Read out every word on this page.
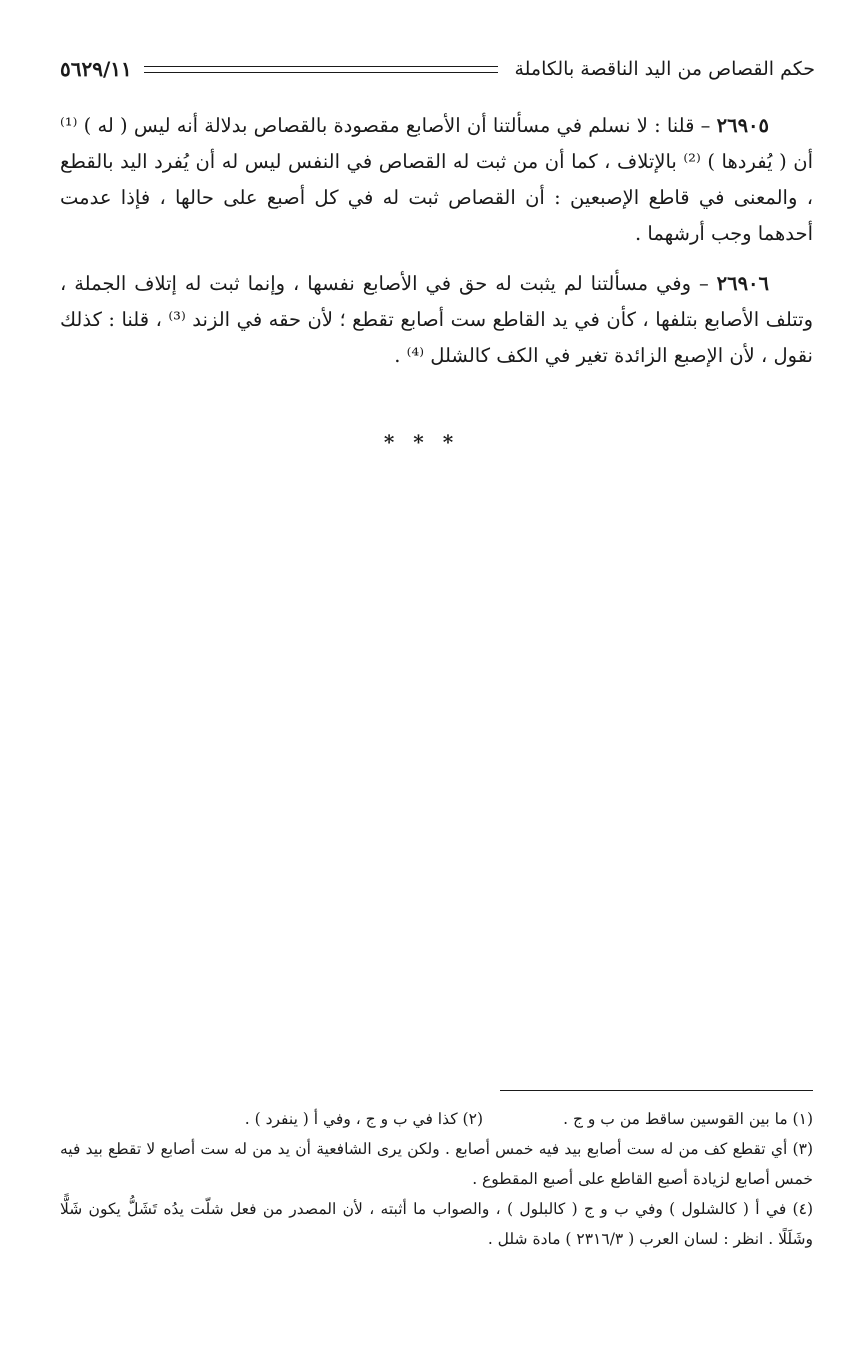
حكم القصاص من اليد الناقصة بالكاملة
٥٦٢٩/١١

٢٦٩٠٥ – قلنا : لا نسلم في مسألتنا أن الأصابع مقصودة بالقصاص بدلالة أنه ليس ( له ) ⁽¹⁾ أن ( يُفردها ) ⁽²⁾ بالإتلاف ، كما أن من ثبت له القصاص في النفس ليس له أن يُفرد اليد بالقطع ، والمعنى في قاطع الإصبعين : أن القصاص ثبت له في كل أصبع على حالها ، فإذا عدمت أحدهما وجب أرشهما .

٢٦٩٠٦ – وفي مسألتنا لم يثبت له حق في الأصابع نفسها ، وإنما ثبت له إتلاف الجملة ، وتتلف الأصابع بتلفها ، كأن في يد القاطع ست أصابع تقطع ؛ لأن حقه في الزند ⁽³⁾ ، قلنا : كذلك نقول ، لأن الإصبع الزائدة تغير في الكف كالشلل ⁽⁴⁾ .

* * *
(١) ما بين القوسين ساقط من ب و ج .
(٢) كذا في ب و ج ، وفي أ ( ينفرد ) .

(٣) أي تقطع كف من له ست أصابع بيد فيه خمس أصابع . ولكن يرى الشافعية أن يد من له ست أصابع لا تقطع بيد فيه خمس أصابع لزيادة أصبع القاطع على أصبع المقطوع .

(٤) في أ ( كالشلول ) وفي ب و ج ( كالبلول ) ، والصواب ما أثبته ، لأن المصدر من فعل شلّت يدُه تَشَلُّ يكون شَلًّا وشَلَلًا . انظر : لسان العرب ( ٢٣١٦/٣ ) مادة شلل .
